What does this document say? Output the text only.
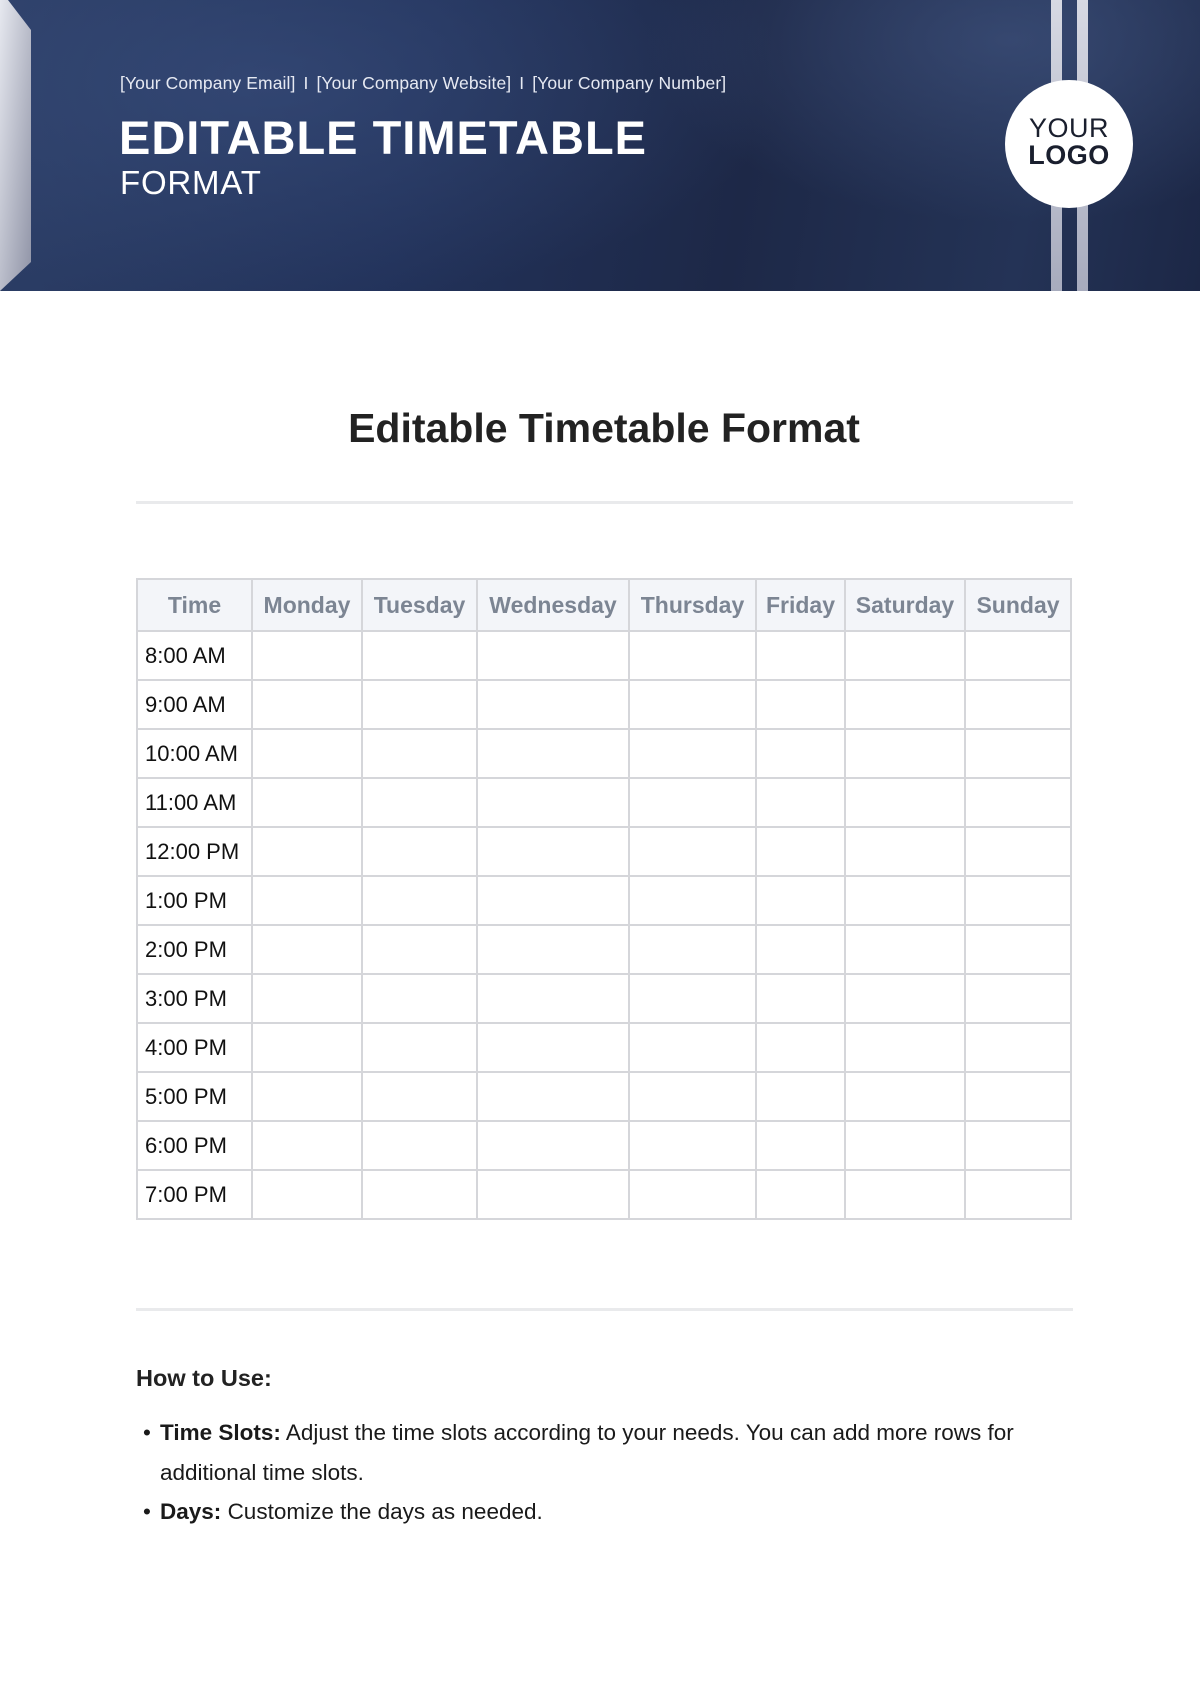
[Your Company Email] I [Your Company Website] I [Your Company Number]
EDITABLE TIMETABLE
FORMAT
YOUR
LOGO
Editable Timetable Format
Time	Monday	Tuesday	Wednesday	Thursday	Friday	Saturday	Sunday
8:00 AM							
9:00 AM							
10:00 AM							
11:00 AM							
12:00 PM							
1:00 PM							
2:00 PM							
3:00 PM							
4:00 PM							
5:00 PM							
6:00 PM							
7:00 PM							
How to Use:
• Time Slots: Adjust the time slots according to your needs. You can add more rows for additional time slots.
• Days: Customize the days as needed.
